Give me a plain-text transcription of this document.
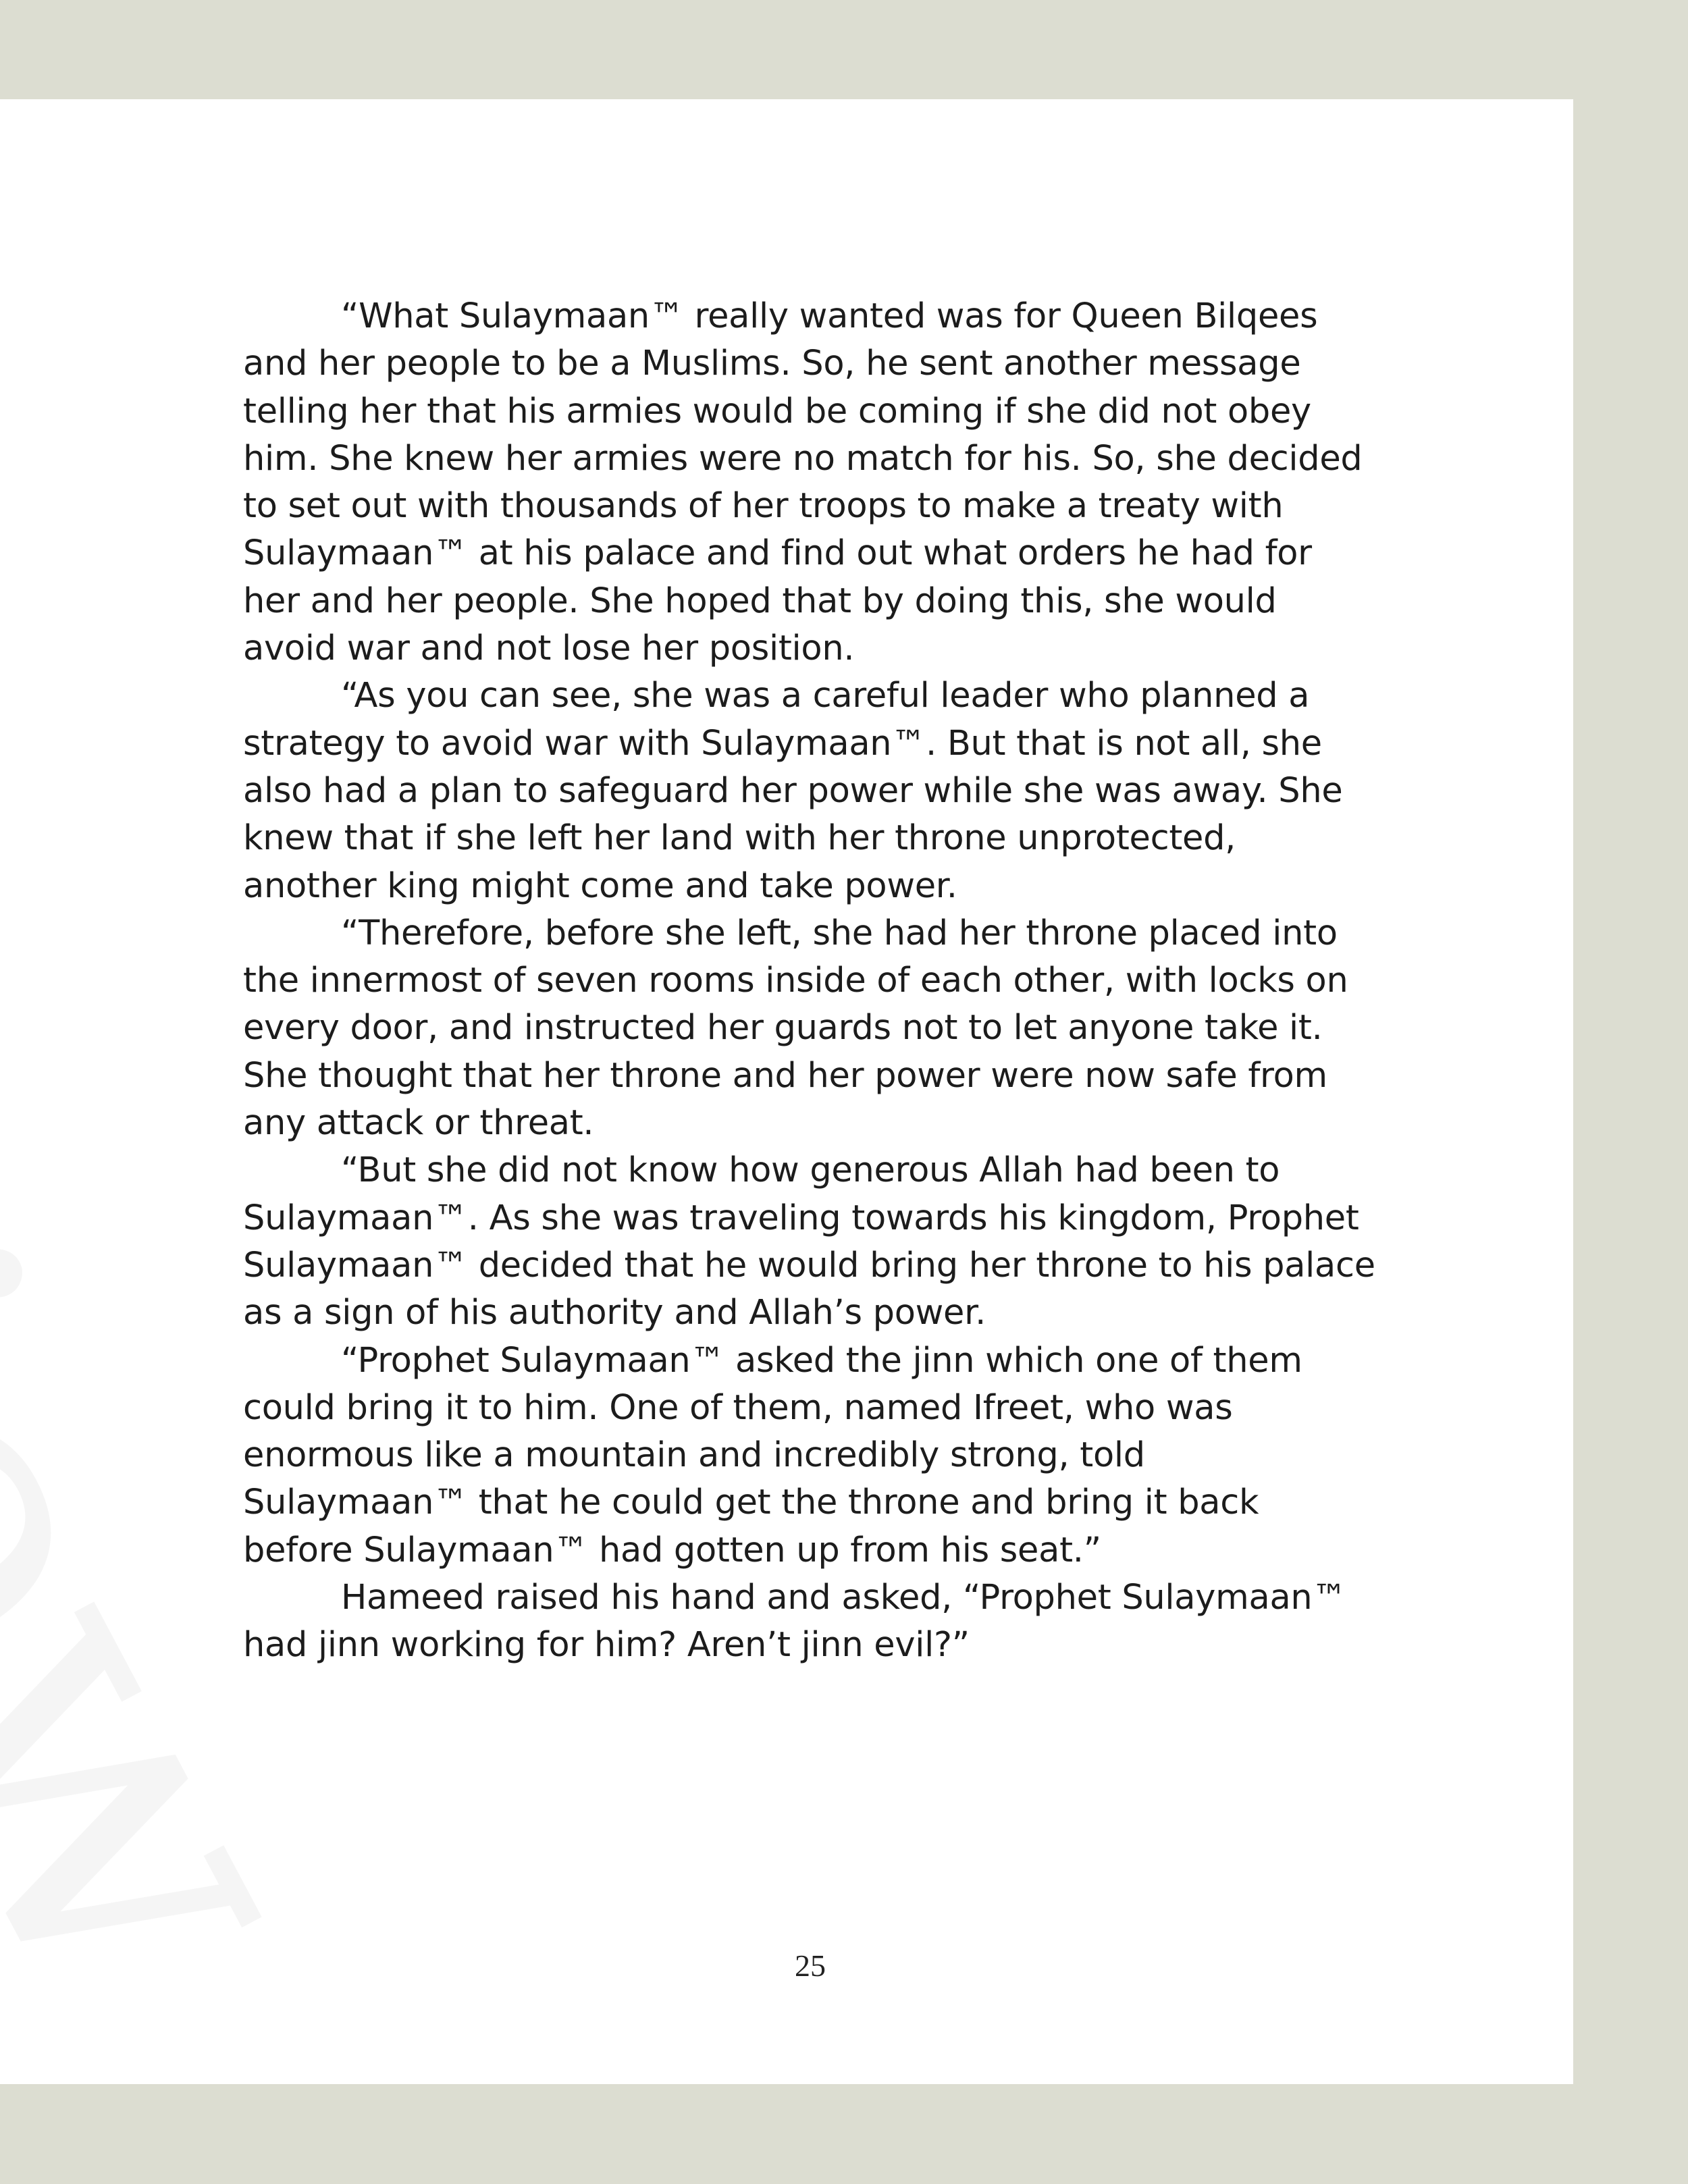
“What Sulaymaan™ really wanted was for Queen Bilqees and her people to be a Muslims. So, he sent another message telling her that his armies would be coming if she did not obey him. She knew her armies were no match for his. So, she decided to set out with thousands of her troops to make a treaty with Sulaymaan™ at his palace and find out what orders he had for her and her people. She hoped that by doing this, she would avoid war and not lose her position.

“As you can see, she was a careful leader who planned a strategy to avoid war with Sulaymaan™. But that is not all, she also had a plan to safeguard her power while she was away. She knew that if she left her land with her throne unprotected, another king might come and take power.

“Therefore, before she left, she had her throne placed into the innermost of seven rooms inside of each other, with locks on every door, and instructed her guards not to let anyone take it. She thought that her throne and her power were now safe from any attack or threat.

“But she did not know how generous Allah had been to Sulaymaan™. As she was traveling towards his kingdom, Prophet Sulaymaan™ decided that he would bring her throne to his palace as a sign of his authority and Allah’s power.

“Prophet Sulaymaan™ asked the jinn which one of them could bring it to him. One of them, named Ifreet, who was enormous like a mountain and incredibly strong, told Sulaymaan™ that he could get the throne and bring it back before Sulaymaan™ had gotten up from his seat.”

Hameed raised his hand and asked, “Prophet Sulaymaan™ had jinn working for him? Aren’t jinn evil?”

25
